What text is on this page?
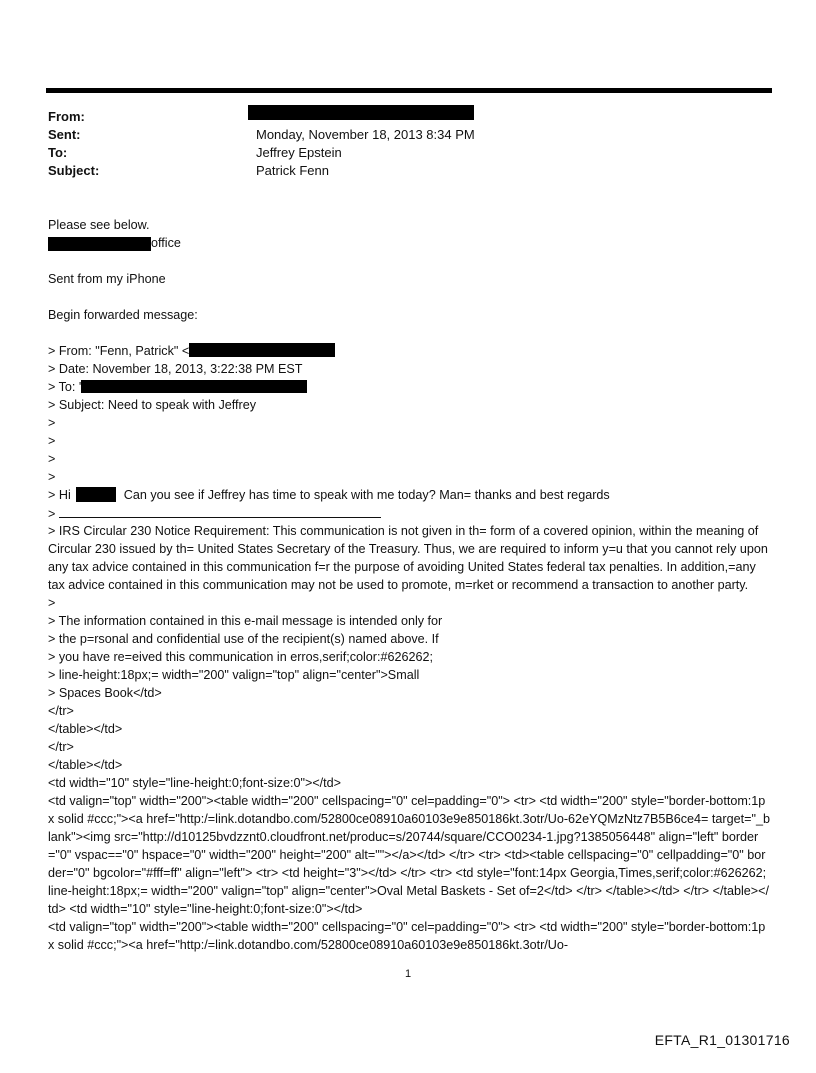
From:
Sent:	Monday, November 18, 2013 8:34 PM
To:	Jeffrey Epstein
Subject:	Patrick Fenn
Please see below.
office
Sent from my iPhone
Begin forwarded message:
> From: "Fenn, Patrick" <
> Date: November 18, 2013, 3:22:38 PM EST
> To: '
> Subject: Need to speak with Jeffrey
>
>
>
>
> Hi	Can you see if Jeffrey has time to speak with me today? Man= thanks and best regards
>
> IRS Circular 230 Notice Requirement: This communication is not given in th= form of a covered opinion, within the meaning of Circular 230 issued by th= United States Secretary of the Treasury. Thus, we are required to inform y=u that you cannot rely upon any tax advice contained in this communication f=r the purpose of avoiding United States federal tax penalties. In addition,=any tax advice contained in this communication may not be used to promote, m=rket or recommend a transaction to another party.
>
> The information contained in this e-mail message is intended only for
> the p=rsonal and confidential use of the recipient(s) named above. If
> you have re=eived this communication in erros,serif;color:#626262;
> line-height:18px;= width="200" valign="top" align="center">Small
> Spaces Book</td>
</tr>
</table></td>
</tr>
</table></td>
<td width="10" style="line-height:0;font-size:0"></td>
<td valign="top" width="200"><table width="200" cellspacing="0" cel=padding="0"> <tr> <td width="200" style="border-bottom:1px solid #ccc;"><a href="http:/=link.dotandbo.com/52800ce08910a60103e9e850186kt.3otr/Uo-62eYQMzNtz7B5B6ce4= target="_blank"><img src="http://d10125bvdzznt0.cloudfront.net/produc=s/20744/square/CCO0234-1.jpg?1385056448" align="left" border="0" vspac=="0" hspace="0" width="200" height="200" alt=""></a></td> </tr> <tr> <td><table cellspacing="0" cellpadding="0" border="0" bgcolor="#fff=ff" align="left"> <tr> <td height="3"></td> </tr> <tr> <td style="font:14px Georgia,Times,serif;color:#626262; line-height:18px;= width="200" valign="top" align="center">Oval Metal Baskets - Set of=2</td> </tr> </table></td> </tr> </table></td> <td width="10" style="line-height:0;font-size:0"></td>
<td valign="top" width="200"><table width="200" cellspacing="0" cel=padding="0"> <tr> <td width="200" style="border-bottom:1px solid #ccc;"><a href="http:/=link.dotandbo.com/52800ce08910a60103e9e850186kt.3otr/Uo-
1
EFTA_R1_01301716
